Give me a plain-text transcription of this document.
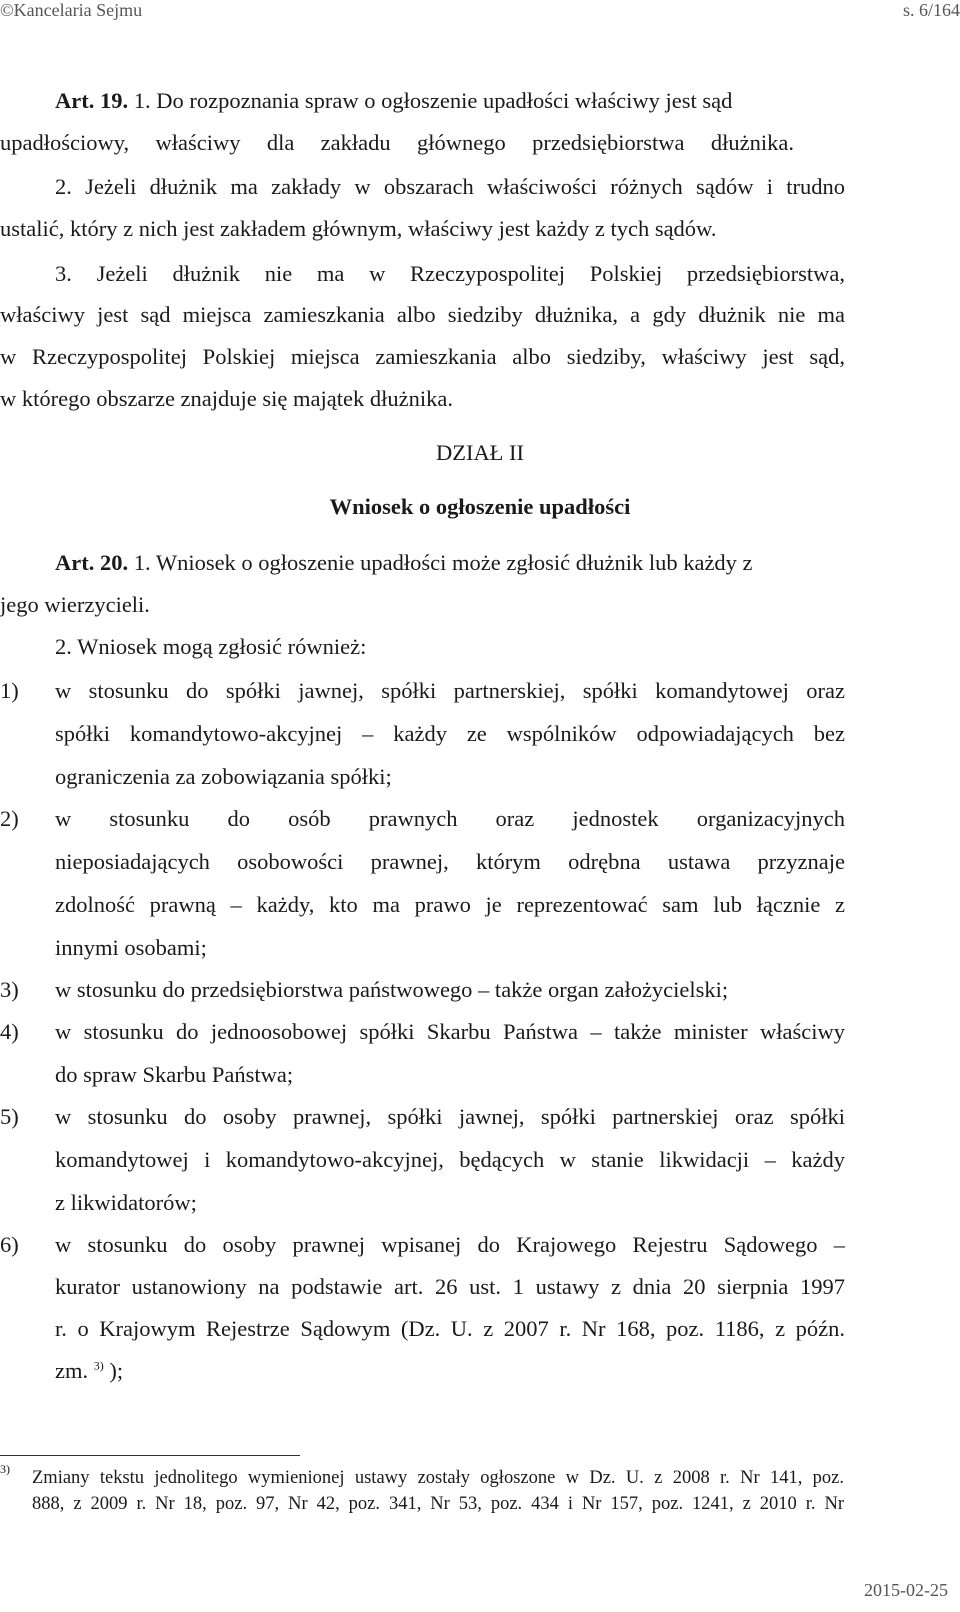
©Kancelaria Sejmu	s. 6/164
Art. 19. 1. Do rozpoznania spraw o ogłoszenie upadłości właściwy jest sąd
upadłościowy, właściwy dla zakładu głównego przedsiębiorstwa dłużnika.
2. Jeżeli dłużnik ma zakłady w obszarach właściwości różnych sądów i trudno
ustalić, który z nich jest zakładem głównym, właściwy jest każdy z tych sądów.
3. Jeżeli dłużnik nie ma w Rzeczypospolitej Polskiej przedsiębiorstwa,
właściwy jest sąd miejsca zamieszkania albo siedziby dłużnika, a gdy dłużnik nie ma
w Rzeczypospolitej Polskiej miejsca zamieszkania albo siedziby, właściwy jest sąd,
w którego obszarze znajduje się majątek dłużnika.
DZIAŁ II
Wniosek o ogłoszenie upadłości
Art. 20. 1. Wniosek o ogłoszenie upadłości może zgłosić dłużnik lub każdy z
jego wierzycieli.
2. Wniosek mogą zgłosić również:
1) w stosunku do spółki jawnej, spółki partnerskiej, spółki komandytowej oraz
spółki komandytowo-akcyjnej – każdy ze wspólników odpowiadających bez
ograniczenia za zobowiązania spółki;
2) w stosunku do osób prawnych oraz jednostek organizacyjnych
nieposiadających osobowości prawnej, którym odrębna ustawa przyznaje
zdolność prawną – każdy, kto ma prawo je reprezentować sam lub łącznie z
innymi osobami;
3) w stosunku do przedsiębiorstwa państwowego – także organ założycielski;
4) w stosunku do jednoosobowej spółki Skarbu Państwa – także minister właściwy
do spraw Skarbu Państwa;
5) w stosunku do osoby prawnej, spółki jawnej, spółki partnerskiej oraz spółki
komandytowej i komandytowo-akcyjnej, będących w stanie likwidacji – każdy
z likwidatorów;
6) w stosunku do osoby prawnej wpisanej do Krajowego Rejestru Sądowego –
kurator ustanowiony na podstawie art. 26 ust. 1 ustawy z dnia 20 sierpnia 1997
r. o Krajowym Rejestrze Sądowym (Dz. U. z 2007 r. Nr 168, poz. 1186, z późn.
zm. $^{3)}$ );
$^{3)}$ Zmiany tekstu jednolitego wymienionej ustawy zostały ogłoszone w Dz. U. z 2008 r. Nr 141, poz.
888, z 2009 r. Nr 18, poz. 97, Nr 42, poz. 341, Nr 53, poz. 434 i Nr 157, poz. 1241, z 2010 r. Nr
2015-02-25
